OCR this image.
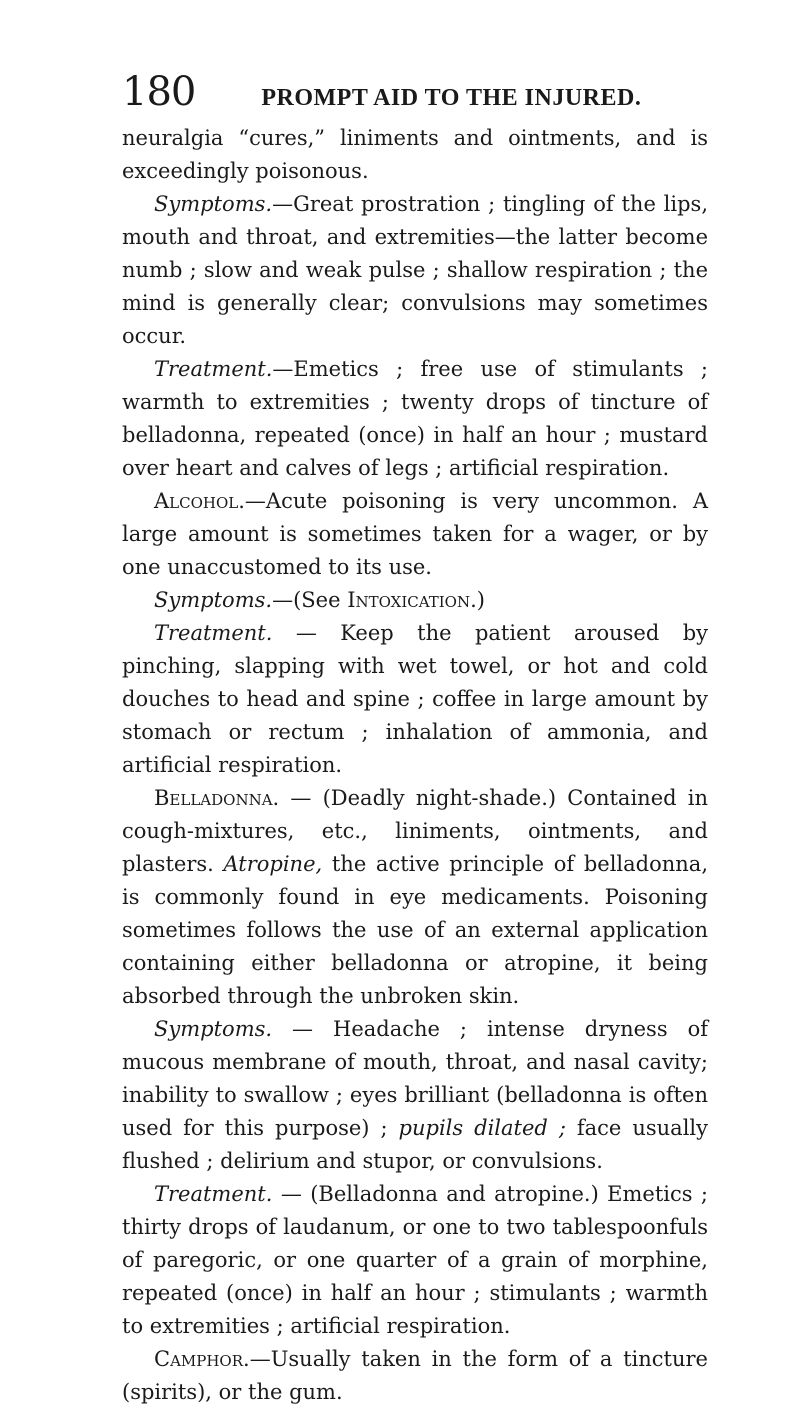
180	PROMPT AID TO THE INJURED.

neuralgia “cures,” liniments and ointments, and is exceedingly poisonous.

Symptoms.—Great prostration ; tingling of the lips, mouth and throat, and extremities—the latter become numb ; slow and weak pulse ; shallow respiration ; the mind is generally clear; convulsions may sometimes occur.

Treatment.—Emetics ; free use of stimulants ; warmth to extremities ; twenty drops of tincture of belladonna, repeated (once) in half an hour ; mustard over heart and calves of legs ; artificial respiration.

Alcohol.—Acute poisoning is very uncommon. A large amount is sometimes taken for a wager, or by one unaccustomed to its use.

Symptoms.—(See Intoxication.)

Treatment. — Keep the patient aroused by pinching, slapping with wet towel, or hot and cold douches to head and spine ; coffee in large amount by stomach or rectum ; inhalation of ammonia, and artificial respiration.

Belladonna. — (Deadly night-shade.) Contained in cough-mixtures, etc., liniments, ointments, and plasters. Atropine, the active principle of belladonna, is commonly found in eye medicaments. Poisoning sometimes follows the use of an external application containing either belladonna or atropine, it being absorbed through the unbroken skin.

Symptoms. — Headache ; intense dryness of mucous membrane of mouth, throat, and nasal cavity; inability to swallow ; eyes brilliant (belladonna is often used for this purpose) ; pupils dilated ; face usually flushed ; delirium and stupor, or convulsions.

Treatment. — (Belladonna and atropine.) Emetics ; thirty drops of laudanum, or one to two tablespoonfuls of paregoric, or one quarter of a grain of morphine, repeated (once) in half an hour ; stimulants ; warmth to extremities ; artificial respiration.

Camphor.—Usually taken in the form of a tincture (spirits), or the gum.
